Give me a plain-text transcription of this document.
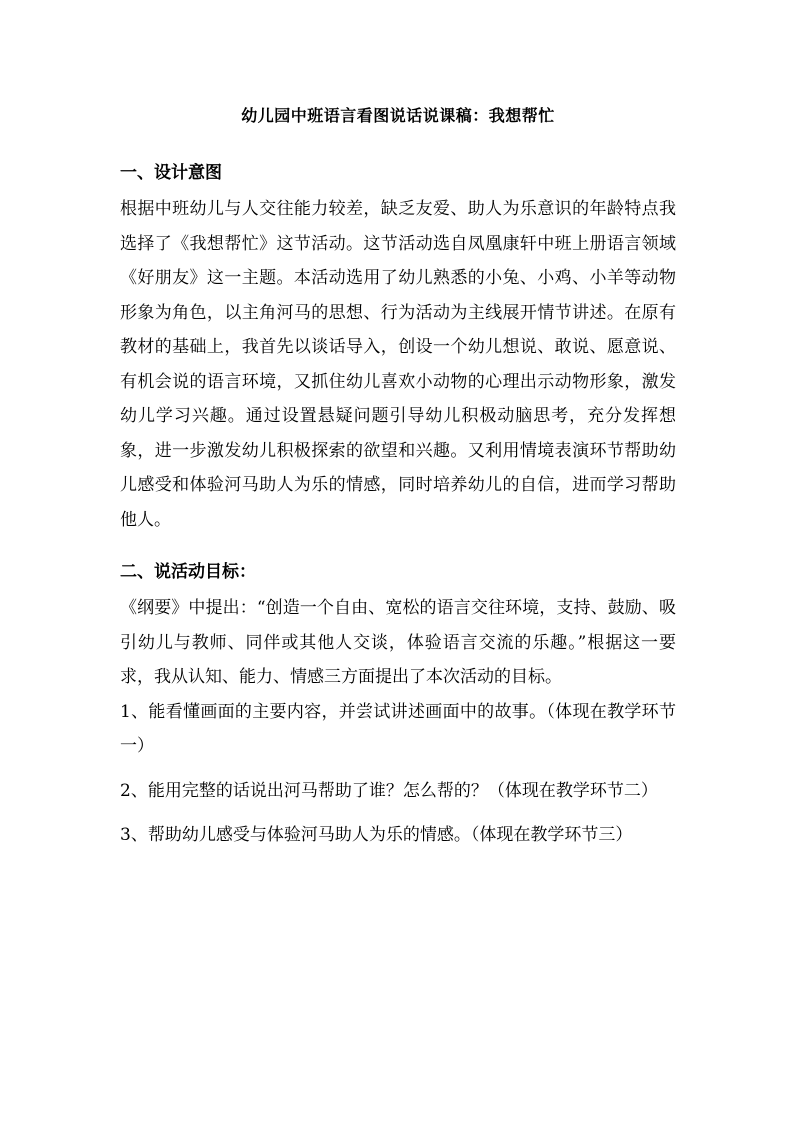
幼儿园中班语言看图说话说课稿：我想帮忙
一、设计意图

根据中班幼儿与人交往能力较差，缺乏友爱、助人为乐意识的年龄特点我选择了《我想帮忙》这节活动。这节活动选自凤凰康轩中班上册语言领域《好朋友》这一主题。本活动选用了幼儿熟悉的小兔、小鸡、小羊等动物形象为角色，以主角河马的思想、行为活动为主线展开情节讲述。在原有教材的基础上，我首先以谈话导入，创设一个幼儿想说、敢说、愿意说、有机会说的语言环境，又抓住幼儿喜欢小动物的心理出示动物形象，激发幼儿学习兴趣。通过设置悬疑问题引导幼儿积极动脑思考，充分发挥想象，进一步激发幼儿积极探索的欲望和兴趣。又利用情境表演环节帮助幼儿感受和体验河马助人为乐的情感，同时培养幼儿的自信，进而学习帮助他人。

二、说活动目标：

《纲要》中提出：“创造一个自由、宽松的语言交往环境，支持、鼓励、吸引幼儿与教师、同伴或其他人交谈，体验语言交流的乐趣。”根据这一要求，我从认知、能力、情感三方面提出了本次活动的目标。

1、能看懂画面的主要内容，并尝试讲述画面中的故事。（体现在教学环节一）

2、能用完整的话说出河马帮助了谁？怎么帮的？（体现在教学环节二）

3、帮助幼儿感受与体验河马助人为乐的情感。（体现在教学环节三）
